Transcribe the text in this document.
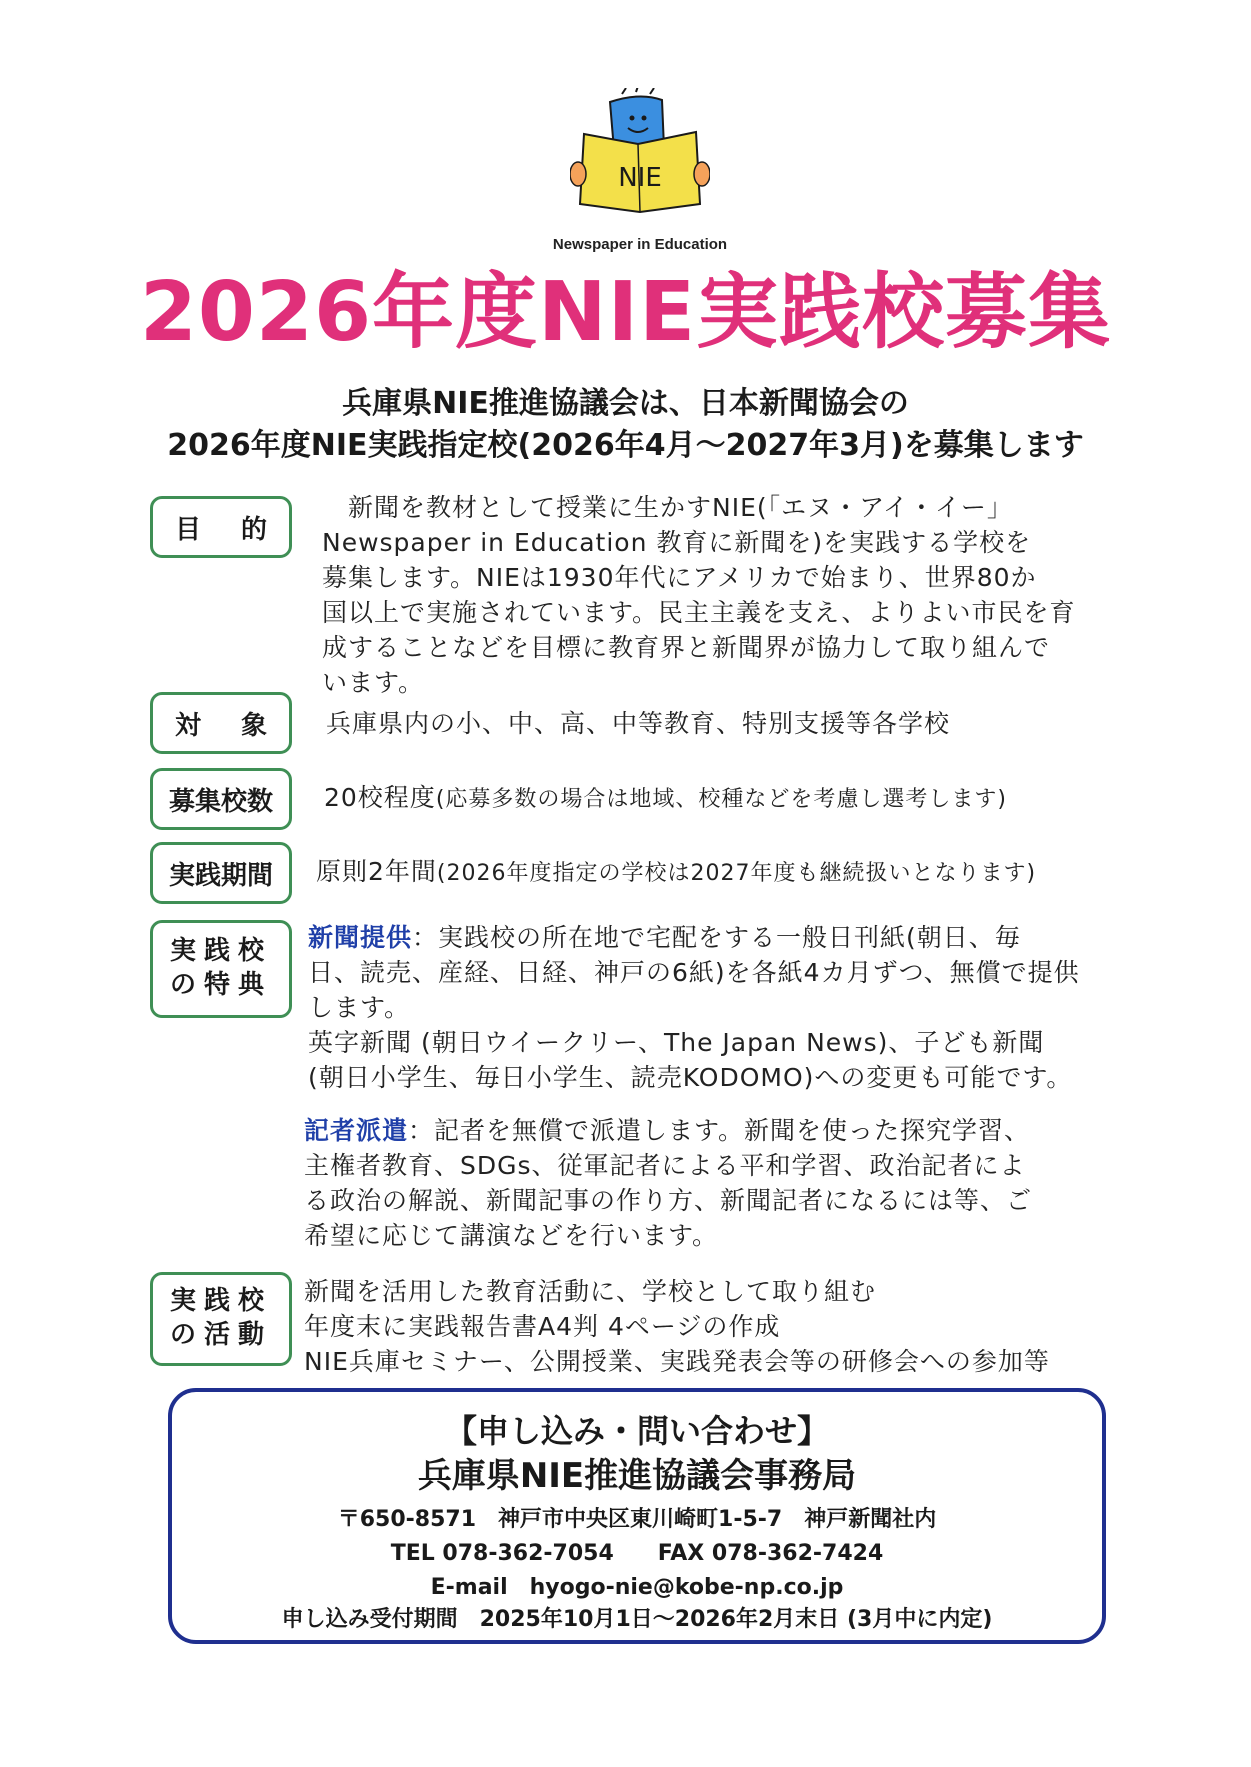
NIE
Newspaper in Education
2026年度NIE実践校募集
兵庫県NIE推進協議会は、日本新聞協会の
2026年度NIE実践指定校(2026年4月～2027年3月)を募集します
目 的
　新聞を教材として授業に生かすNIE(「エヌ・アイ・イー」
Newspaper in Education 教育に新聞を)を実践する学校を
募集します。NIEは1930年代にアメリカで始まり、世界80か
国以上で実施されています。民主主義を支え、よりよい市民を育
成することなどを目標に教育界と新聞界が協力して取り組んで
います。
対 象 兵庫県内の小、中、高、中等教育、特別支援等各学校
募集校数	20校程度(応募多数の場合は地域、校種などを考慮し選考します)
実践期間	原則2年間(2026年度指定の学校は2027年度も継続扱いとなります)
実践校
の特典
新聞提供：実践校の所在地で宅配をする一般日刊紙(朝日、毎
日、読売、産経、日経、神戸の6紙)を各紙4カ月ずつ、無償で提供
します。
英字新聞 (朝日ウイークリー、The Japan News)、子ども新聞
(朝日小学生、毎日小学生、読売KODOMO)への変更も可能です。
記者派遣：記者を無償で派遣します。新聞を使った探究学習、
主権者教育、SDGs、従軍記者による平和学習、政治記者によ
る政治の解説、新聞記事の作り方、新聞記者になるには等、ご
希望に応じて講演などを行います。
実践校
の活動
新聞を活用した教育活動に、学校として取り組む
年度末に実践報告書A4判 4ページの作成
NIE兵庫セミナー、公開授業、実践発表会等の研修会への参加等
【申し込み・問い合わせ】
兵庫県NIE推進協議会事務局
〒650-8571　神戸市中央区東川崎町1-5-7　神戸新聞社内
TEL 078-362-7054　　FAX 078-362-7424
E-mail　hyogo-nie@kobe-np.co.jp
申し込み受付期間　2025年10月1日～2026年2月末日 (3月中に内定)
